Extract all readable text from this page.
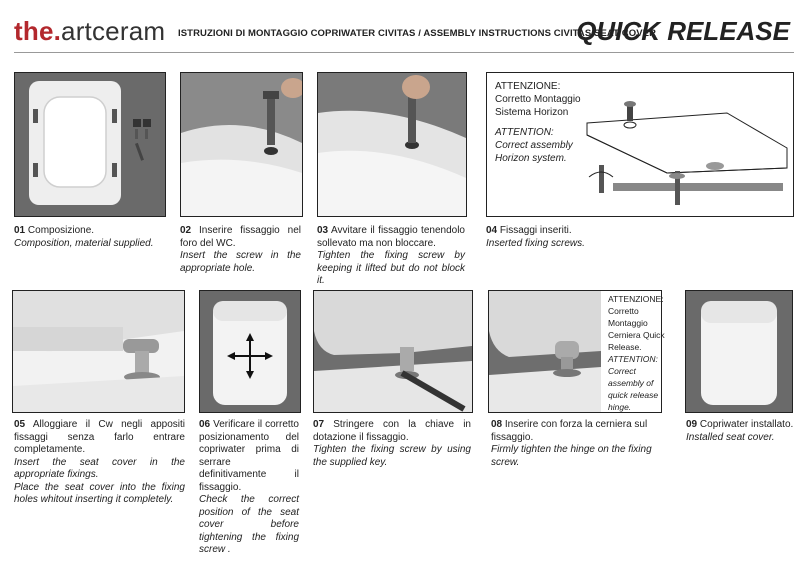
the.artceram ISTRUZIONI DI MONTAGGIO COPRIWATER CIVITAS / ASSEMBLY INSTRUCTIONS CIVITAS SEAT COVER
QUICK RELEASE
ATTENZIONE:
Corretto Montaggio
Sistema Horizon
ATTENTION:
Correct assembly
Horizon system.
01 Composizione.
Composition, material supplied.
02 Inserire fissaggio nel foro del WC.
Insert the screw in the appropriate hole.
03 Avvitare il fissaggio tenendolo sollevato ma non bloccare.
Tighten the fixing screw by keeping it lifted but do not block it.
04 Fissaggi inseriti.
Inserted fixing screws.
ATTENZIONE:
Corretto
Montaggio
Cerniera Quick
Release.
ATTENTION:
Correct
assembly of
quick release
hinge.
05 Alloggiare il Cw negli appositi fissaggi senza farlo entrare completamente.
Insert the seat cover in the appropriate fixings.
Place the seat cover into the fixing holes whitout inserting it completely.
06 Verificare il corretto posizionamento del copriwater prima di serrare definitivamente il fissaggio.
Check the correct position of the seat cover before tightening the fixing screw .
07 Stringere con la chiave in dotazione il fissaggio.
Tighten the fixing screw by using the supplied key.
08 Inserire con forza la cerniera sul fissaggio.
Firmly tighten the hinge on the fixing screw.
09 Copriwater installato.
Installed seat cover.
